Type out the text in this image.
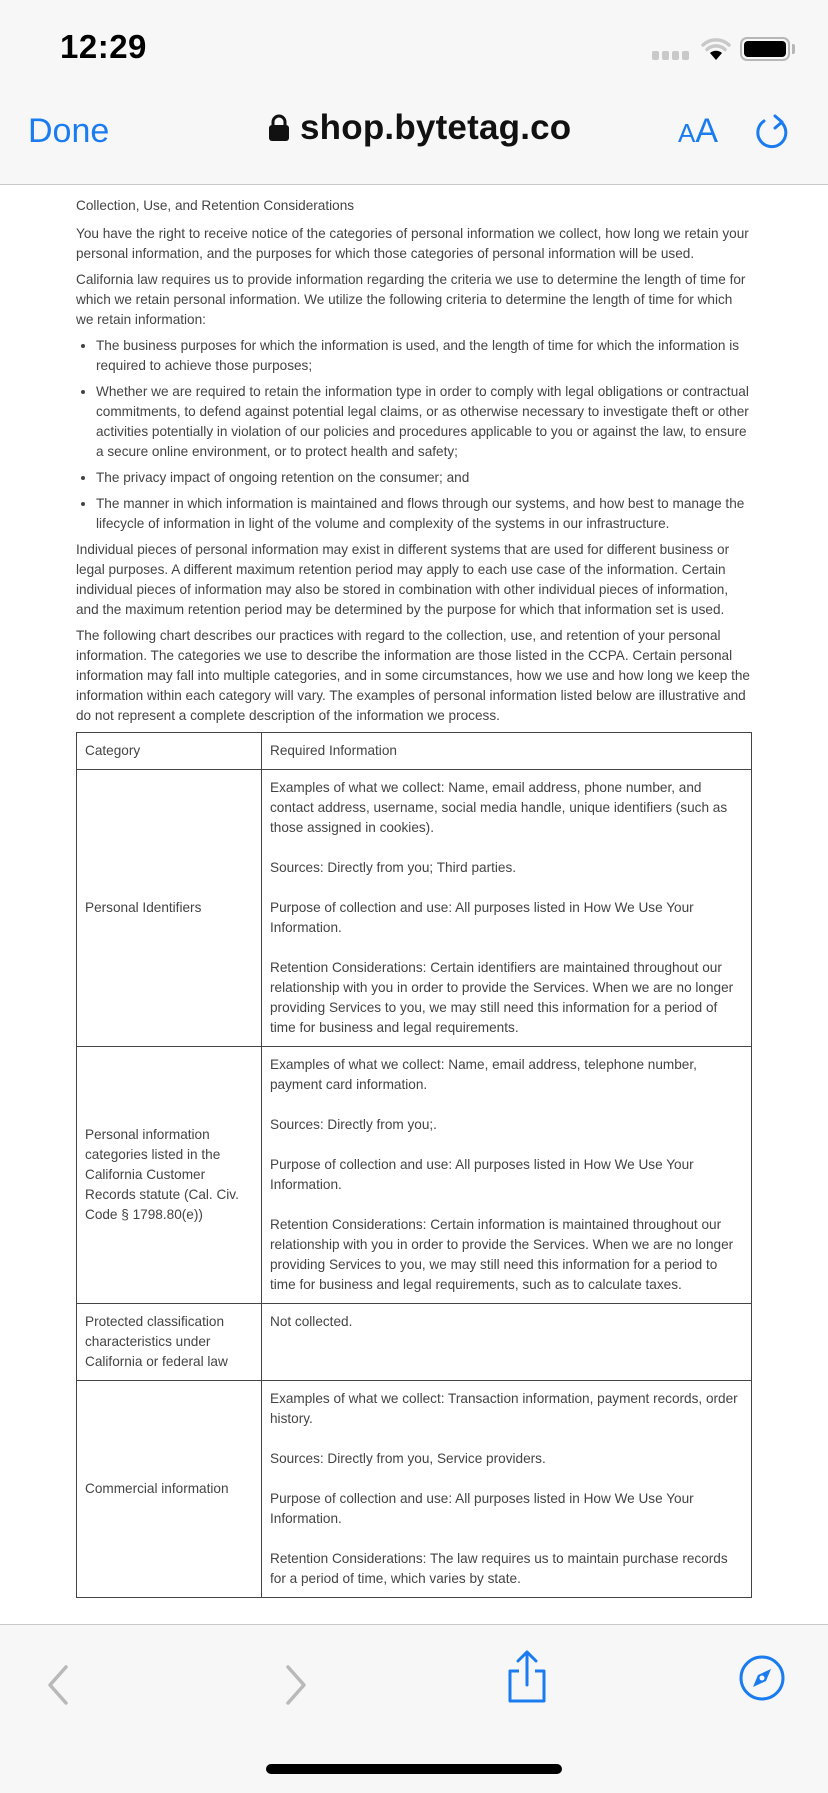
12:29
Done	shop.bytetag.co	AA

Collection, Use, and Retention Considerations

You have the right to receive notice of the categories of personal information we collect, how long we retain your personal information, and the purposes for which those categories of personal information will be used.

California law requires us to provide information regarding the criteria we use to determine the length of time for which we retain personal information. We utilize the following criteria to determine the length of time for which we retain information:

• The business purposes for which the information is used, and the length of time for which the information is required to achieve those purposes;
• Whether we are required to retain the information type in order to comply with legal obligations or contractual commitments, to defend against potential legal claims, or as otherwise necessary to investigate theft or other activities potentially in violation of our policies and procedures applicable to you or against the law, to ensure a secure online environment, or to protect health and safety;
• The privacy impact of ongoing retention on the consumer; and
• The manner in which information is maintained and flows through our systems, and how best to manage the lifecycle of information in light of the volume and complexity of the systems in our infrastructure.

Individual pieces of personal information may exist in different systems that are used for different business or legal purposes. A different maximum retention period may apply to each use case of the information. Certain individual pieces of information may also be stored in combination with other individual pieces of information, and the maximum retention period may be determined by the purpose for which that information set is used.

The following chart describes our practices with regard to the collection, use, and retention of your personal information. The categories we use to describe the information are those listed in the CCPA. Certain personal information may fall into multiple categories, and in some circumstances, how we use and how long we keep the information within each category will vary. The examples of personal information listed below are illustrative and do not represent a complete description of the information we process.

Category	Required Information
Personal Identifiers	Examples of what we collect: Name, email address, phone number, and contact address, username, social media handle, unique identifiers (such as those assigned in cookies).
Sources: Directly from you; Third parties.
Purpose of collection and use: All purposes listed in How We Use Your Information.
Retention Considerations: Certain identifiers are maintained throughout our relationship with you in order to provide the Services. When we are no longer providing Services to you, we may still need this information for a period of time for business and legal requirements.

Personal information categories listed in the California Customer Records statute (Cal. Civ. Code § 1798.80(e))	Examples of what we collect: Name, email address, telephone number, payment card information.
Sources: Directly from you;.
Purpose of collection and use: All purposes listed in How We Use Your Information.
Retention Considerations: Certain information is maintained throughout our relationship with you in order to provide the Services. When we are no longer providing Services to you, we may still need this information for a period to time for business and legal requirements, such as to calculate taxes.

Protected classification characteristics under California or federal law	Not collected.

Commercial information	Examples of what we collect: Transaction information, payment records, order history.
Sources: Directly from you, Service providers.
Purpose of collection and use: All purposes listed in How We Use Your Information.
Retention Considerations: The law requires us to maintain purchase records for a period of time, which varies by state.
